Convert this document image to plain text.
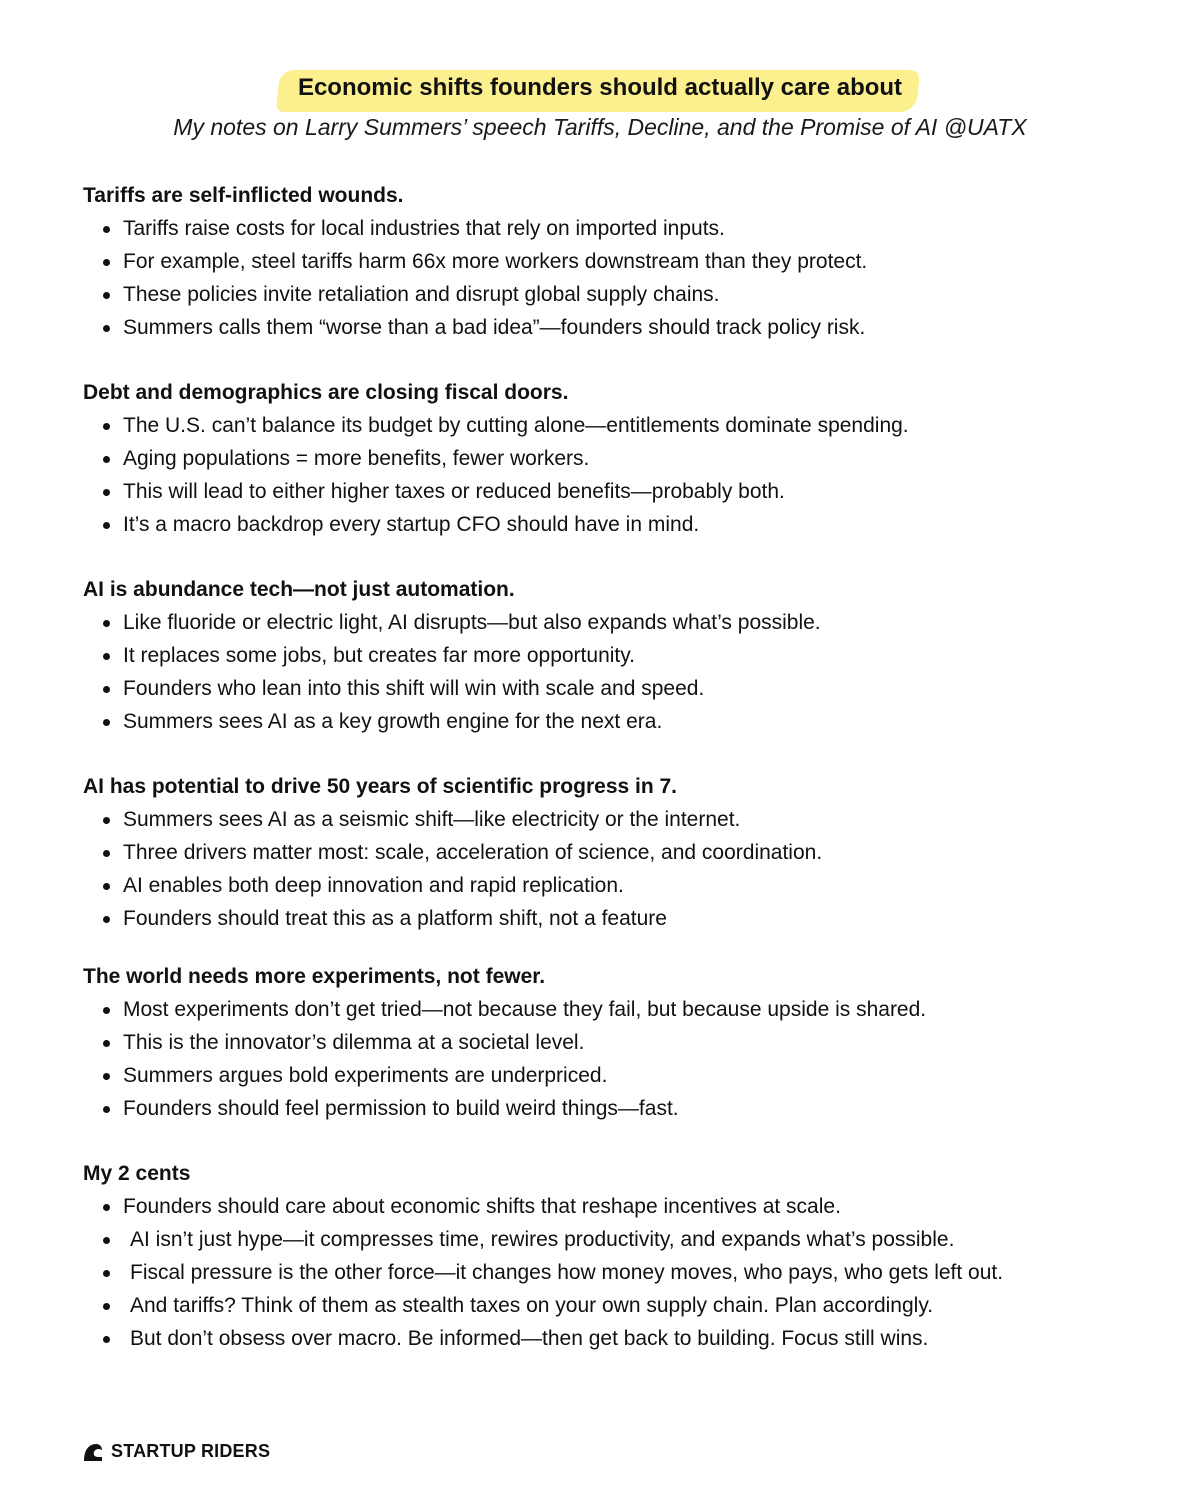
Economic shifts founders should actually care about
My notes on Larry Summers’ speech Tariffs, Decline, and the Promise of AI @UATX
Tariffs are self-inflicted wounds.
Tariffs raise costs for local industries that rely on imported inputs.
For example, steel tariffs harm 66x more workers downstream than they protect.
These policies invite retaliation and disrupt global supply chains.
Summers calls them “worse than a bad idea”—founders should track policy risk.
Debt and demographics are closing fiscal doors.
The U.S. can’t balance its budget by cutting alone—entitlements dominate spending.
Aging populations = more benefits, fewer workers.
This will lead to either higher taxes or reduced benefits—probably both.
It’s a macro backdrop every startup CFO should have in mind.
AI is abundance tech—not just automation.
Like fluoride or electric light, AI disrupts—but also expands what’s possible.
It replaces some jobs, but creates far more opportunity.
Founders who lean into this shift will win with scale and speed.
Summers sees AI as a key growth engine for the next era.
AI has potential to drive 50 years of scientific progress in 7.
Summers sees AI as a seismic shift—like electricity or the internet.
Three drivers matter most: scale, acceleration of science, and coordination.
AI enables both deep innovation and rapid replication.
Founders should treat this as a platform shift, not a feature
The world needs more experiments, not fewer.
Most experiments don’t get tried—not because they fail, but because upside is shared.
This is the innovator’s dilemma at a societal level.
Summers argues bold experiments are underpriced.
Founders should feel permission to build weird things—fast.
My 2 cents
Founders should care about economic shifts that reshape incentives at scale.
AI isn’t just hype—it compresses time, rewires productivity, and expands what’s possible.
Fiscal pressure is the other force—it changes how money moves, who pays, who gets left out.
And tariffs? Think of them as stealth taxes on your own supply chain. Plan accordingly.
But don’t obsess over macro. Be informed—then get back to building. Focus still wins.
STARTUP RIDERS
